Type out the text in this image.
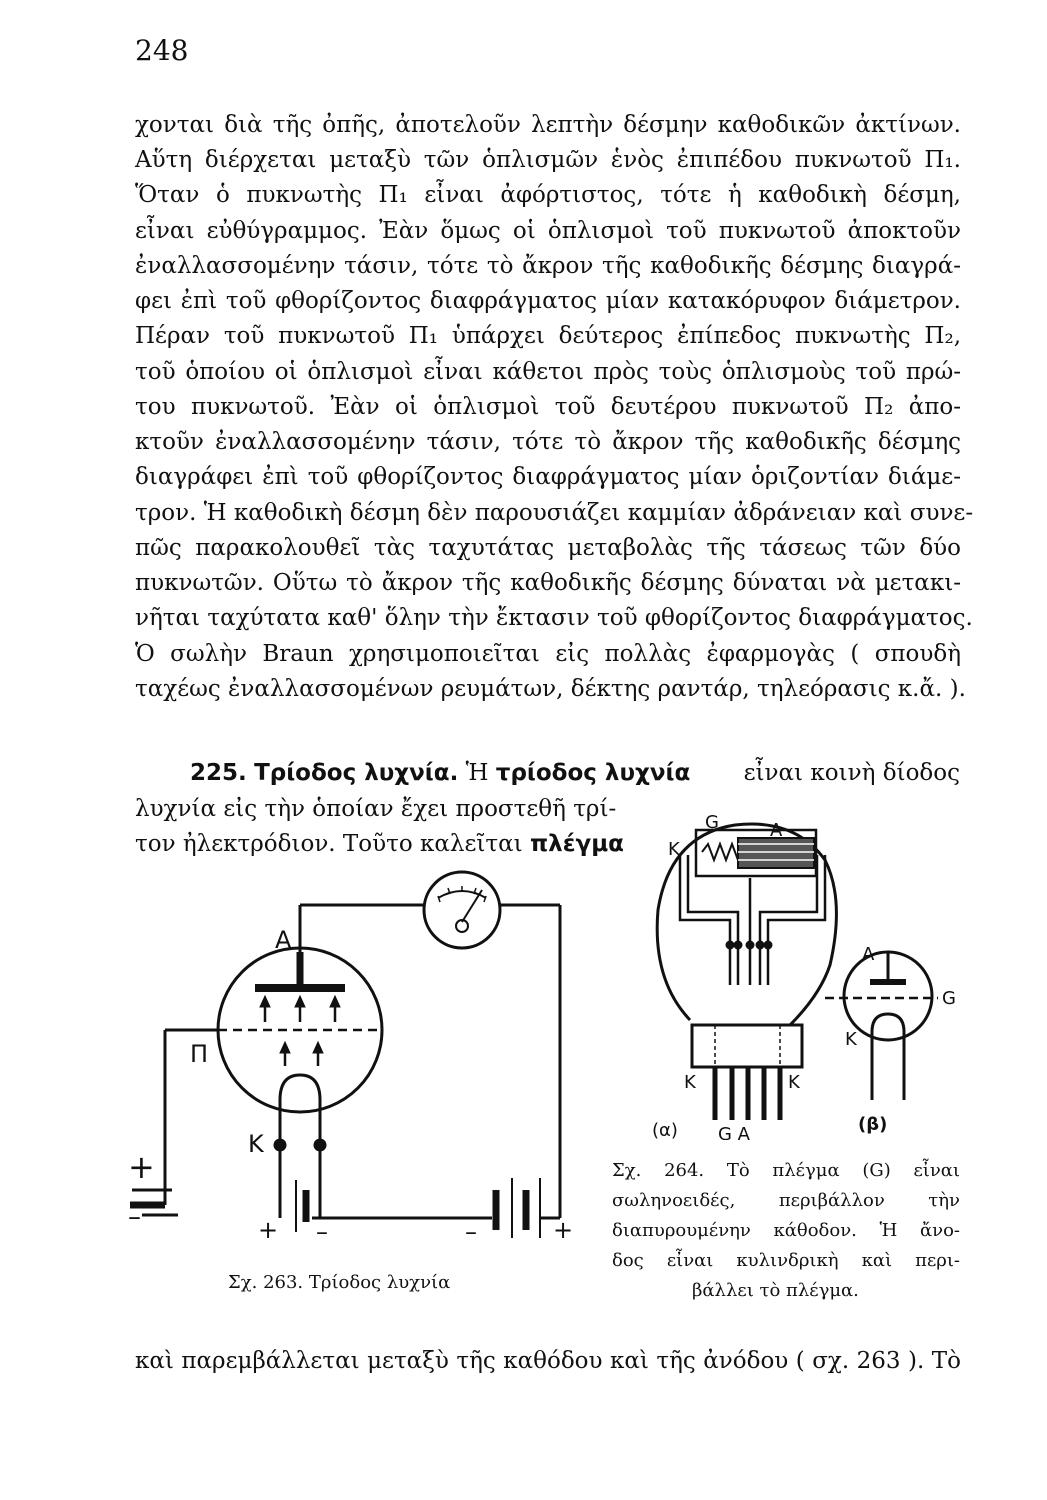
248
χονται διὰ τῆς ὀπῆς, ἀποτελοῦν λεπτὴν δέσμην καθοδικῶν ἀκτίνων.
Αὕτη διέρχεται μεταξὺ τῶν ὁπλισμῶν ἑνὸς ἐπιπέδου πυκνωτοῦ Π₁.
Ὅταν ὁ πυκνωτὴς Π₁ εἶναι ἀφόρτιστος, τότε ἡ καθοδικὴ δέσμη,
εἶναι εὐθύγραμμος. Ἐὰν ὅμως οἱ ὁπλισμοὶ τοῦ πυκνωτοῦ ἀποκτοῦν
ἐναλλασσομένην τάσιν, τότε τὸ ἄκρον τῆς καθοδικῆς δέσμης διαγρά-
φει ἐπὶ τοῦ φθορίζοντος διαφράγματος μίαν κατακόρυφον διάμετρον.
Πέραν τοῦ πυκνωτοῦ Π₁ ὑπάρχει δεύτερος ἐπίπεδος πυκνωτὴς Π₂,
τοῦ ὁποίου οἱ ὁπλισμοὶ εἶναι κάθετοι πρὸς τοὺς ὁπλισμοὺς τοῦ πρώ-
του πυκνωτοῦ. Ἐὰν οἱ ὁπλισμοὶ τοῦ δευτέρου πυκνωτοῦ Π₂ ἀπο-
κτοῦν ἐναλλασσομένην τάσιν, τότε τὸ ἄκρον τῆς καθοδικῆς δέσμης
διαγράφει ἐπὶ τοῦ φθορίζοντος διαφράγματος μίαν ὁριζοντίαν διάμε-
τρον. Ἡ καθοδικὴ δέσμη δὲν παρουσιάζει καμμίαν ἀδράνειαν καὶ συνε-
πῶς παρακολουθεῖ τὰς ταχυτάτας μεταβολὰς τῆς τάσεως τῶν δύο
πυκνωτῶν. Οὕτω τὸ ἄκρον τῆς καθοδικῆς δέσμης δύναται νὰ μετακι-
νῆται ταχύτατα καθ' ὅλην τὴν ἔκτασιν τοῦ φθορίζοντος διαφράγματος.
Ὁ σωλὴν Braun χρησιμοποιεῖται εἰς πολλὰς ἐφαρμογὰς ( σπουδὴ
ταχέως ἐναλλασσομένων ρευμάτων, δέκτης ραντάρ, τηλεόρασις κ.ἄ. ).
225. Τρίοδος λυχνία. Ἡ τρίοδος λυχνία εἶναι κοινὴ δίοδος
λυχνία εἰς τὴν ὁποίαν ἔχει προστεθῆ τρί-
τον ἠλεκτρόδιον. Τοῦτο καλεῖται πλέγμα
A
Π
K
+
–	+ –	–	+
Σχ. 263. Τρίοδος λυχνία
K
G	A
K	K
G A
(α)	(β)
A
G
K
Σχ. 264. Τὸ πλέγμα (G) εἶναι
σωληνοειδές, περιβάλλον τὴν
διαπυρουμένην κάθοδον. Ἡ ἄνο-
δος εἶναι κυλινδρικὴ καὶ περι-
βάλλει τὸ πλέγμα.
καὶ παρεμβάλλεται μεταξὺ τῆς καθόδου καὶ τῆς ἀνόδου ( σχ. 263 ). Τὸ
